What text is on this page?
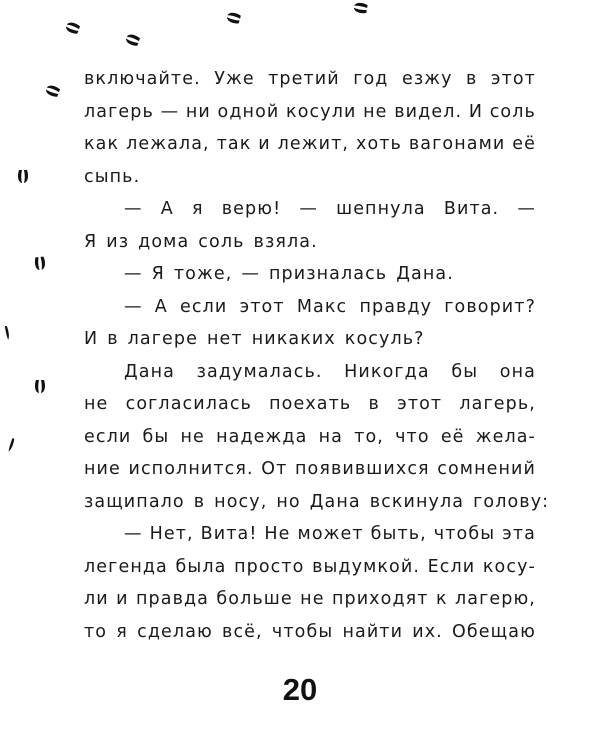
включайте. Уже третий год езжу в этот
лагерь — ни одной косули не видел. И соль
как лежала, так и лежит, хоть вагонами её
сыпь.
— А я верю! — шепнула Вита. —
Я из дома соль взяла.
— Я тоже, — призналась Дана.
— А если этот Макс правду говорит?
И в лагере нет никаких косуль?
Дана задумалась. Никогда бы она
не согласилась поехать в этот лагерь,
если бы не надежда на то, что её жела-
ние исполнится. От появившихся сомнений
защипало в носу, но Дана вскинула голову:
— Нет, Вита! Не может быть, чтобы эта
легенда была просто выдумкой. Если косу-
ли и правда больше не приходят к лагерю,
то я сделаю всё, чтобы найти их. Обещаю
20
